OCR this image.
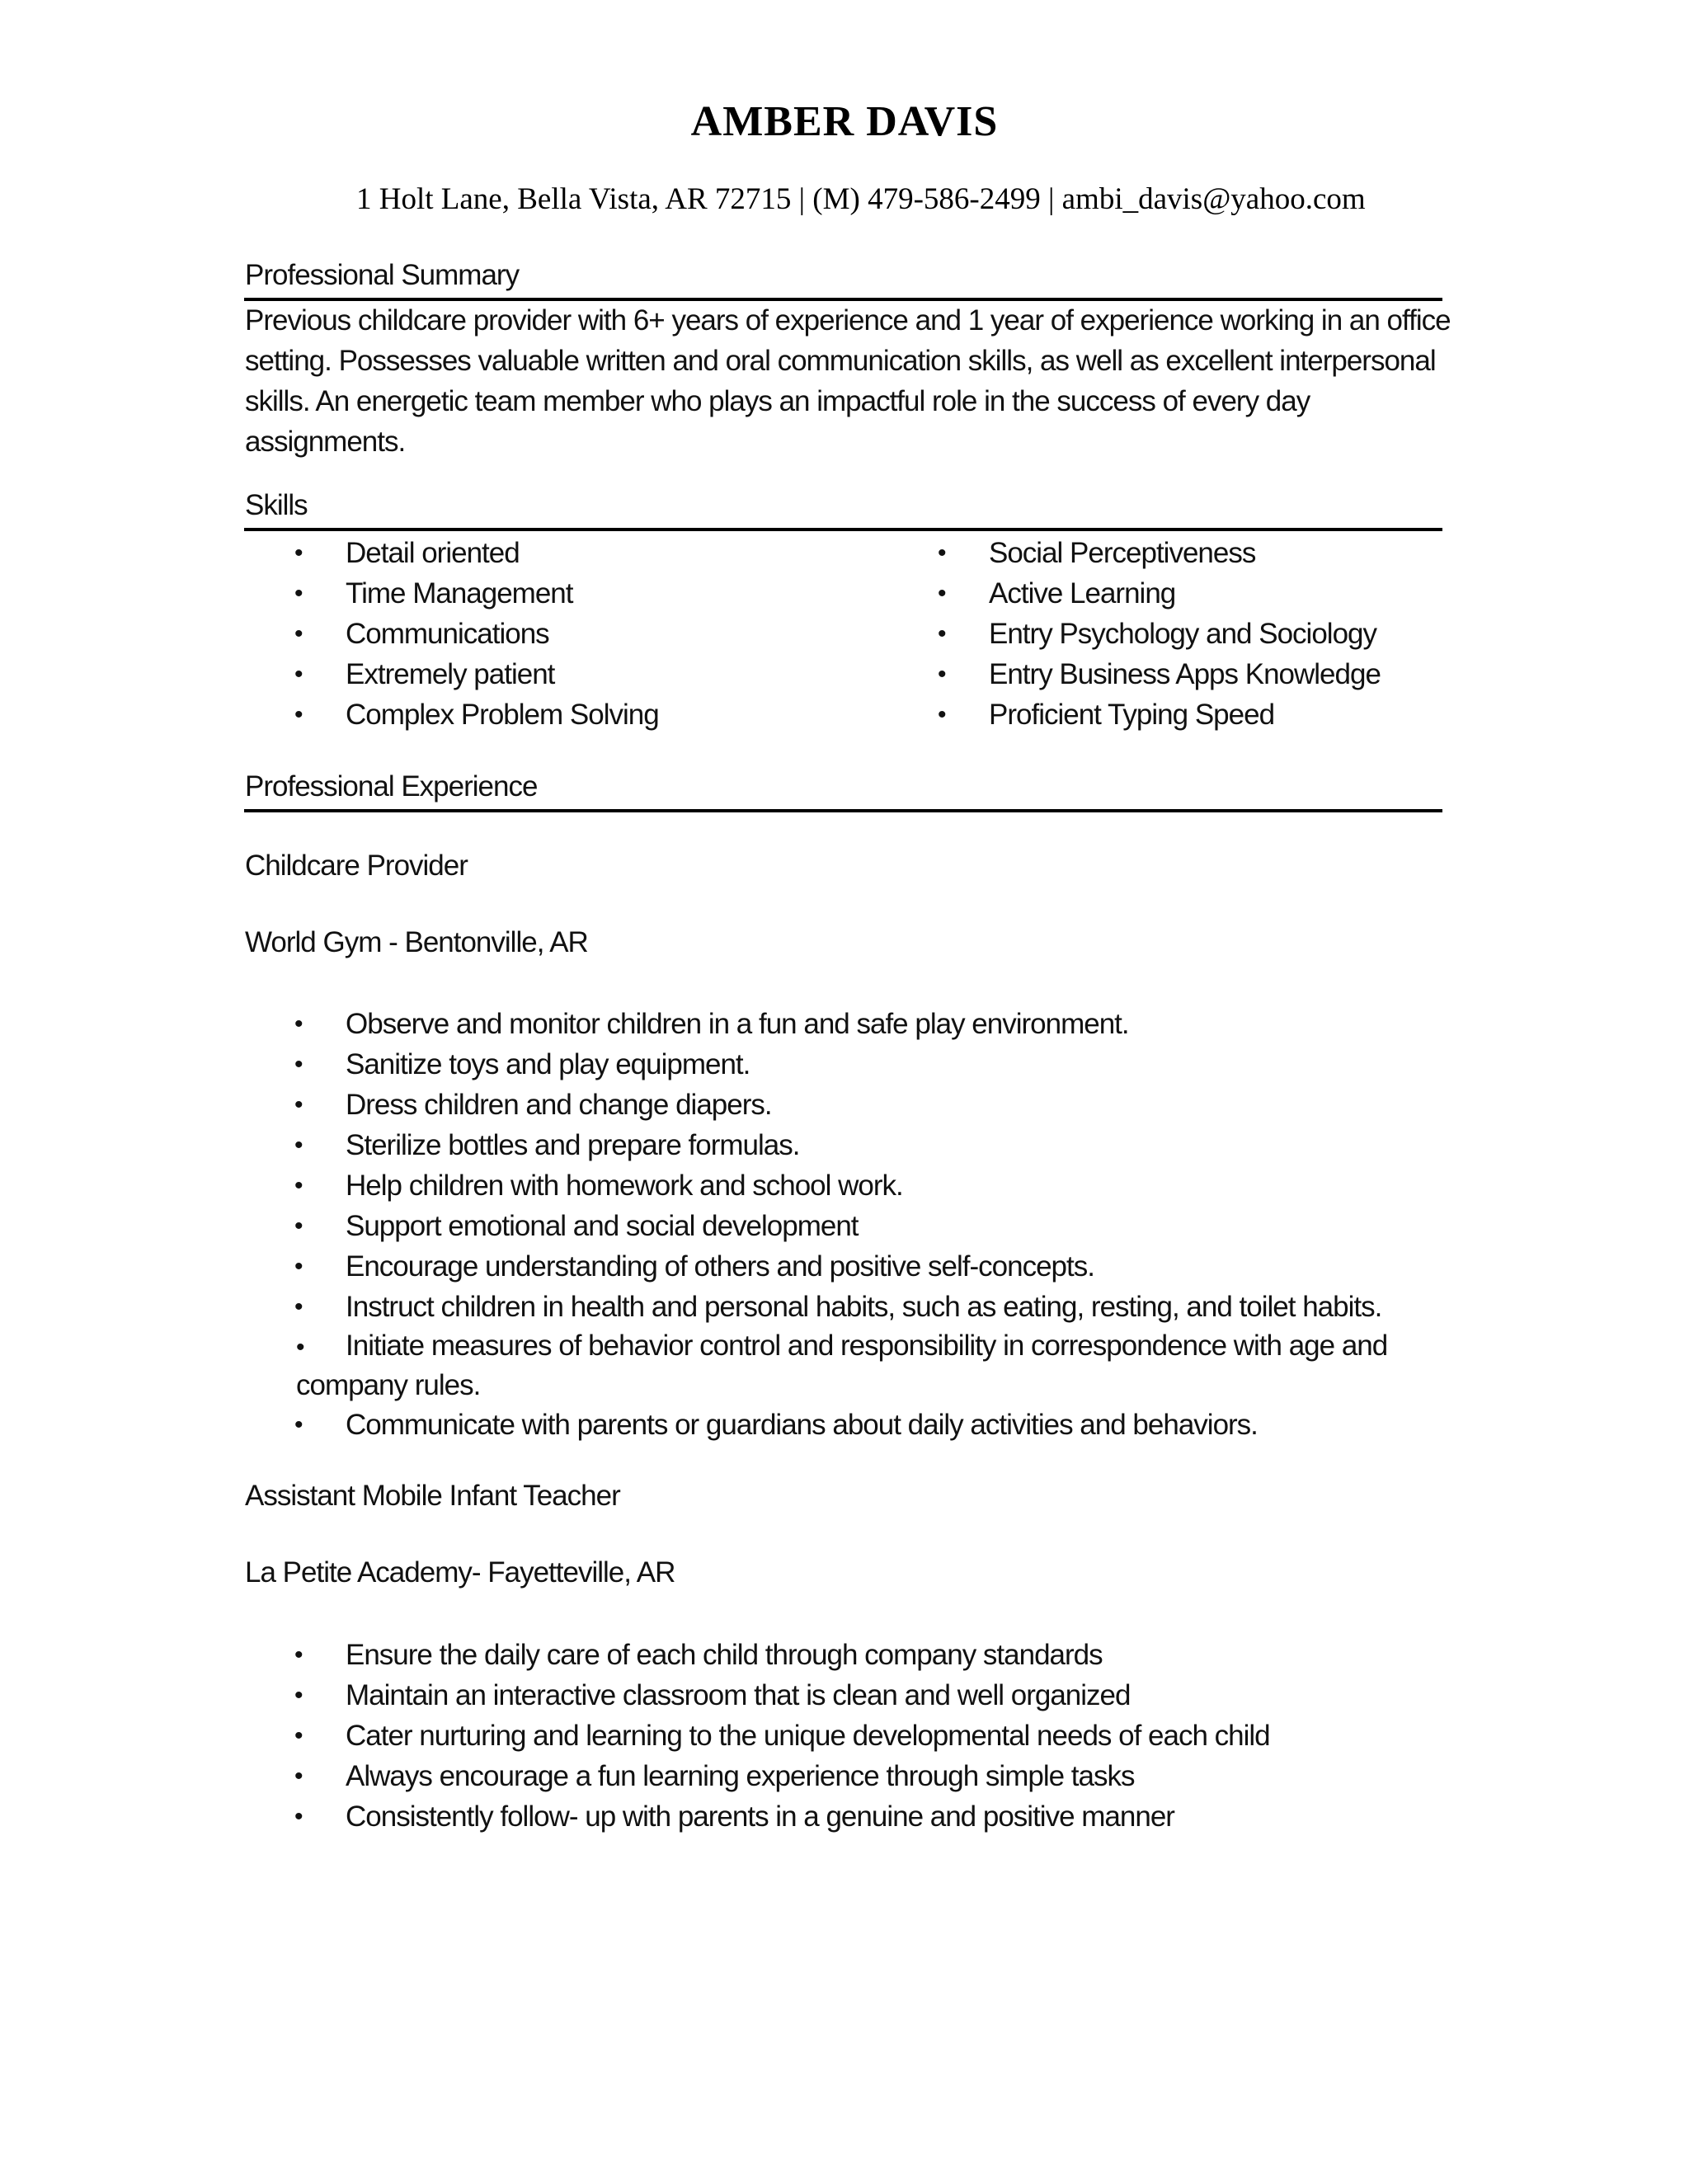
AMBER DAVIS
1 Holt Lane, Bella Vista, AR 72715 | (M) 479-586-2499 | ambi_davis@yahoo.com
Professional Summary
Previous childcare provider with 6+ years of experience and 1 year of experience working in an office setting. Possesses valuable written and oral communication skills, as well as excellent interpersonal skills. An energetic team member who plays an impactful role in the success of every day assignments.
Skills
• Detail oriented
• Time Management
• Communications
• Extremely patient
• Complex Problem Solving
• Social Perceptiveness
• Active Learning
• Entry Psychology and Sociology
• Entry Business Apps Knowledge
• Proficient Typing Speed
Professional Experience
Childcare Provider
World Gym - Bentonville, AR
• Observe and monitor children in a fun and safe play environment.
• Sanitize toys and play equipment.
• Dress children and change diapers.
• Sterilize bottles and prepare formulas.
• Help children with homework and school work.
• Support emotional and social development
• Encourage understanding of others and positive self-concepts.
• Instruct children in health and personal habits, such as eating, resting, and toilet habits.
• Initiate measures of behavior control and responsibility in correspondence with age and company rules.
• Communicate with parents or guardians about daily activities and behaviors.
Assistant Mobile Infant Teacher
La Petite Academy- Fayetteville, AR
• Ensure the daily care of each child through company standards
• Maintain an interactive classroom that is clean and well organized
• Cater nurturing and learning to the unique developmental needs of each child
• Always encourage a fun learning experience through simple tasks
• Consistently follow- up with parents in a genuine and positive manner
